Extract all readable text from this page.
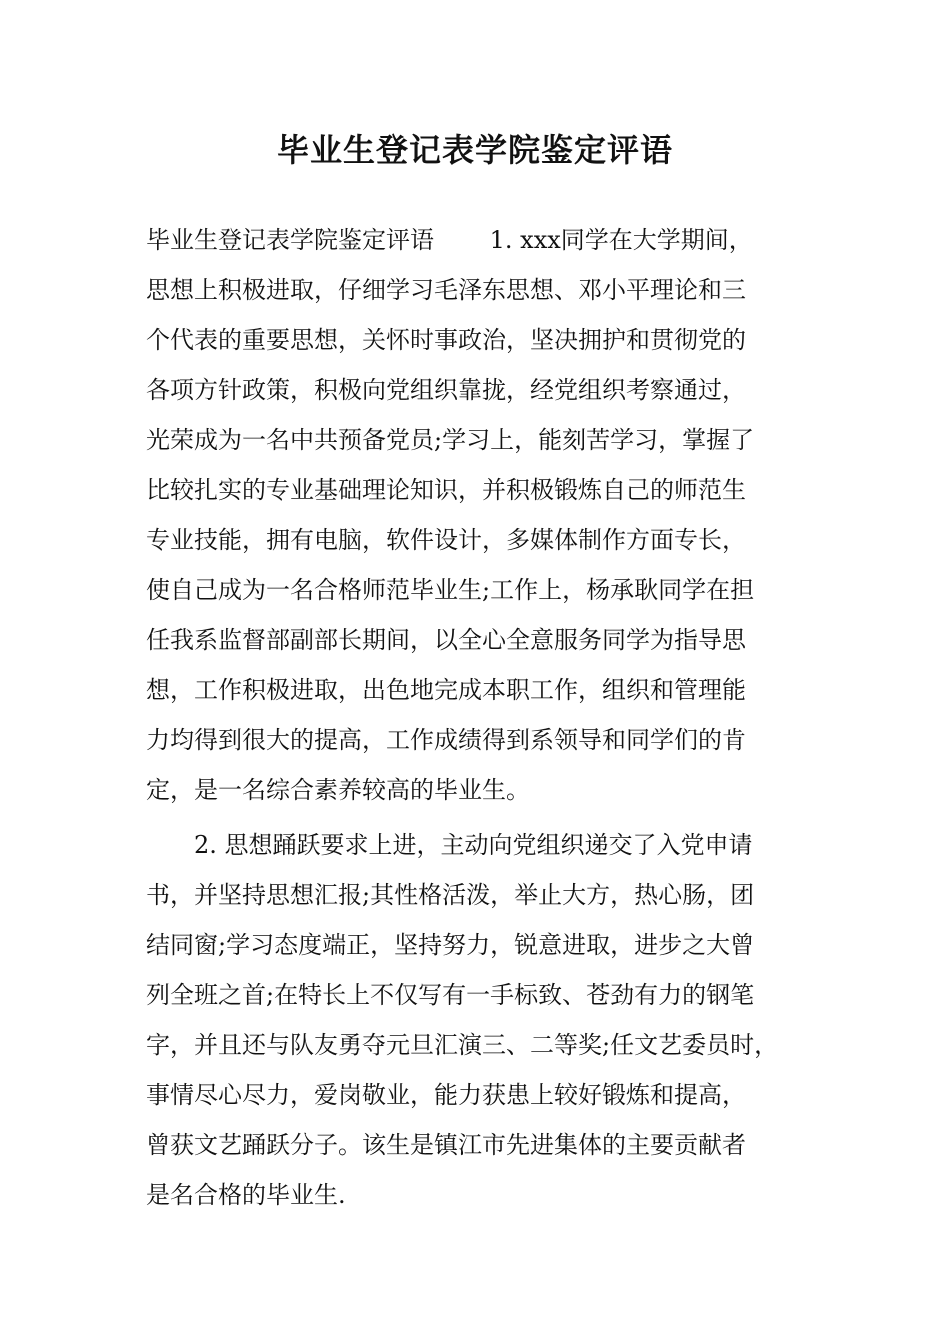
毕业生登记表学院鉴定评语
毕业生登记表学院鉴定评语　　 1. xxx同学在大学期间，
思想上积极进取，仔细学习毛泽东思想、邓小平理论和三
个代表的重要思想，关怀时事政治，坚决拥护和贯彻党的
各项方针政策，积极向党组织靠拢，经党组织考察通过，
光荣成为一名中共预备党员;学习上，能刻苦学习，掌握了
比较扎实的专业基础理论知识，并积极锻炼自己的师范生
专业技能，拥有电脑，软件设计，多媒体制作方面专长，
使自己成为一名合格师范毕业生;工作上，杨承耿同学在担
任我系监督部副部长期间，以全心全意服务同学为指导思
想，工作积极进取，出色地完成本职工作，组织和管理能
力均得到很大的提高，工作成绩得到系领导和同学们的肯
定，是一名综合素养较高的毕业生。
　　2. 思想踊跃要求上进，主动向党组织递交了入党申请
书，并坚持思想汇报;其性格活泼，举止大方，热心肠，团
结同窗;学习态度端正，坚持努力，锐意进取，进步之大曾
列全班之首;在特长上不仅写有一手标致、苍劲有力的钢笔
字，并且还与队友勇夺元旦汇演三、二等奖;任文艺委员时，
事情尽心尽力，爱岗敬业，能力获患上较好锻炼和提高，
曾获文艺踊跃分子。该生是镇江市先进集体的主要贡献者
是名合格的毕业生.
